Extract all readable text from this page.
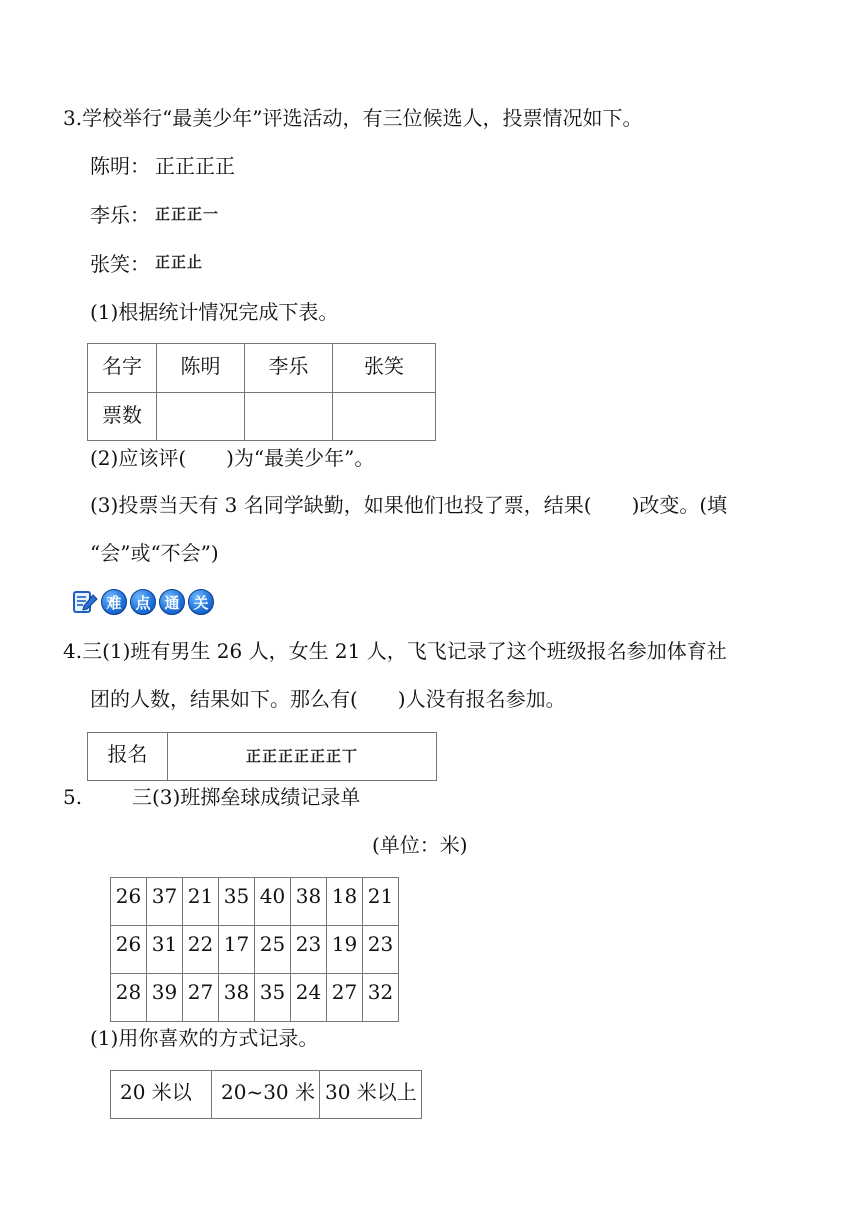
3.学校举行“最美少年”评选活动，有三位候选人，投票情况如下。
陈明： 正正正正
李乐： 正正正一
张笑： 正正止
(1)根据统计情况完成下表。
名字	陈明	李乐	张笑
票数			
(2)应该评(　　)为“最美少年”。
(3)投票当天有 3 名同学缺勤，如果他们也投了票，结果(　　)改变。(填
“会”或“不会”)
难 点 通 关
4.三(1)班有男生 26 人，女生 21 人，飞飞记录了这个班级报名参加体育社
团的人数，结果如下。那么有(　　)人没有报名参加。
报名	正正正正正正丅
5. 三(3)班掷垒球成绩记录单
(单位：米)
26	37	21	35	40	38	18	21
26	31	22	17	25	23	19	23
28	39	27	38	35	24	27	32
(1)用你喜欢的方式记录。
20 米以	20~30 米	30 米以上
